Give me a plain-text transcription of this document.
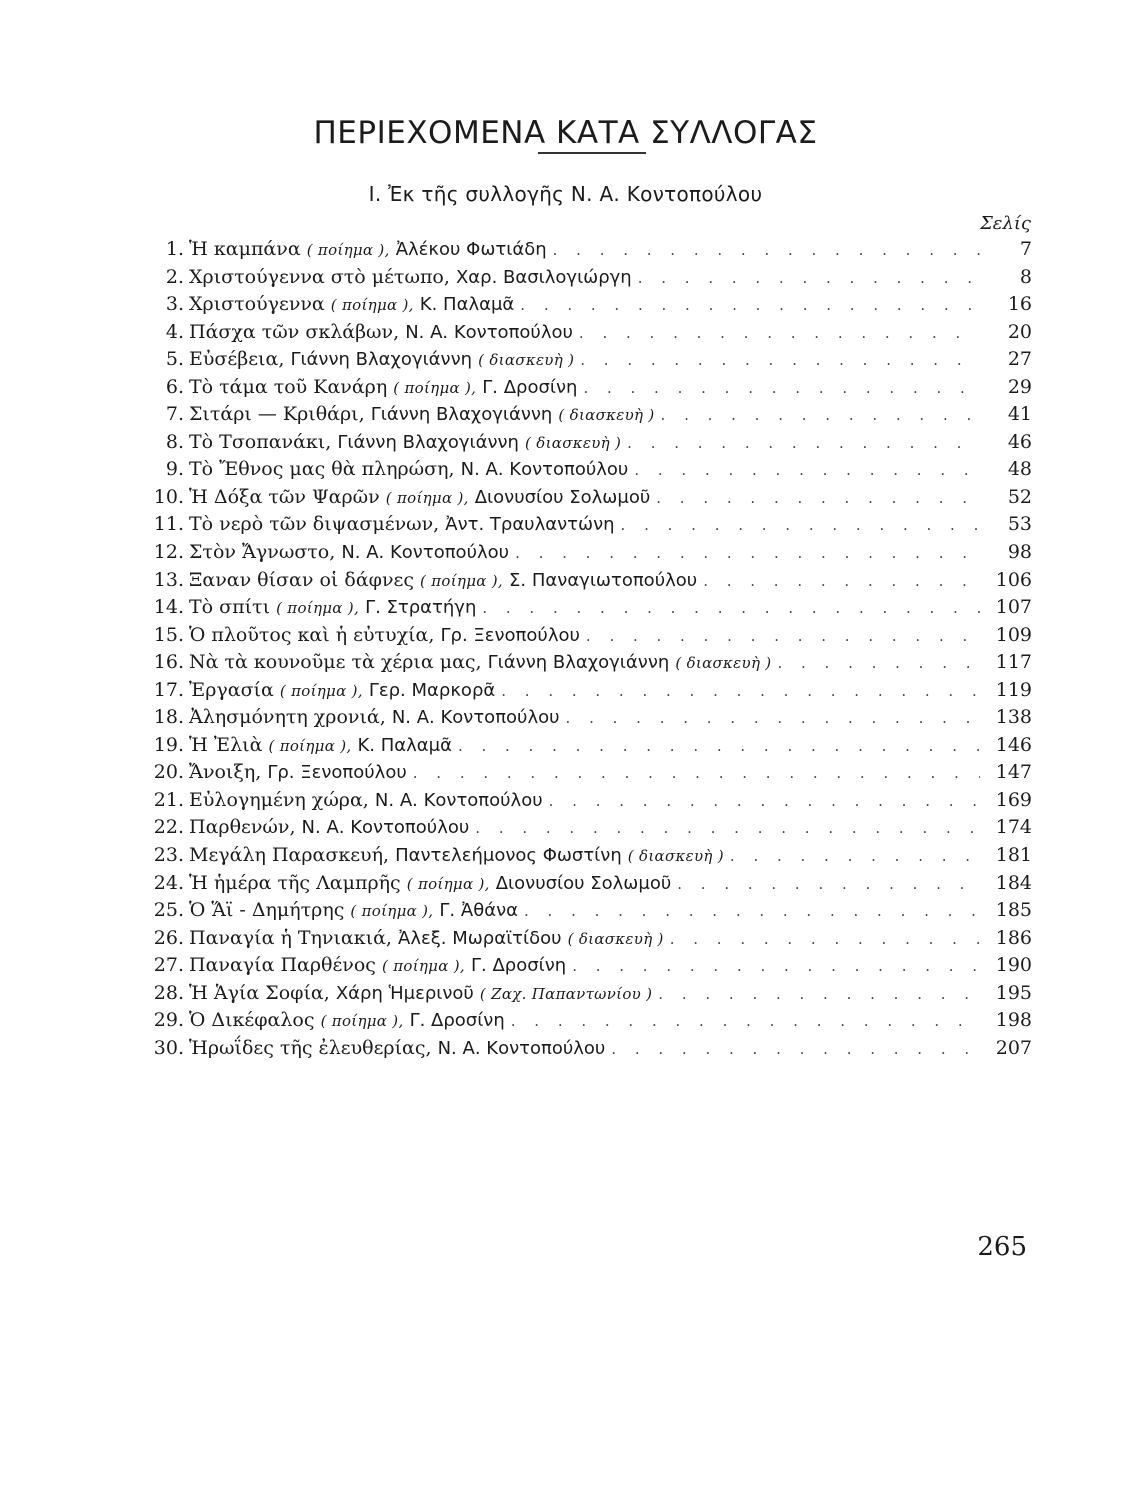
ΠΕΡΙΕΧΟΜΕΝΑ ΚΑΤΑ ΣΥΛΛΟΓΑΣ
Ι. Ἐκ τῆς συλλογῆς Ν. Α. Κοντοπούλου
Σελίς
1. Ἡ καμπάνα ( ποίημα ), Ἀλέκου Φωτιάδη . . .	7
2. Χριστούγεννα στὸ μέτωπο, Χαρ. Βασιλογιώργη . . .	8
3. Χριστούγεννα ( ποίημα ), Κ. Παλαμᾶ . . .	16
4. Πάσχα τῶν σκλάβων, Ν. Α. Κοντοπούλου . . .	20
5. Εὐσέβεια, Γιάννη Βλαχογιάννη ( διασκευὴ ) . . .	27
6. Τὸ τάμα τοῦ Κανάρη ( ποίημα ), Γ. Δροσίνη . . .	29
7. Σιτάρι — Κριθάρι, Γιάννη Βλαχογιάννη ( διασκευὴ ) . . .	41
8. Τὸ Τσοπανάκι, Γιάννη Βλαχογιάννη ( διασκευὴ ) . . .	46
9. Τὸ Ἔθνος μας θὰ πληρώση, Ν. Α. Κοντοπούλου . . .	48
10. Ἡ Δόξα τῶν Ψαρῶν ( ποίημα ), Διονυσίου Σολωμοῦ . . .	52
11. Τὸ νερὸ τῶν διψασμένων, Ἀντ. Τραυλαντώνη . . .	53
12. Στὸν Ἄγνωστο, Ν. Α. Κοντοπούλου . . .	98
13. Ξαναν θίσαν οἱ δάφνες ( ποίημα ), Σ. Παναγιωτοπούλου . . .	106
14. Τὸ σπίτι ( ποίημα ), Γ. Στρατήγη . . .	107
15. Ὁ πλοῦτος καὶ ἡ εὐτυχία, Γρ. Ξενοπούλου . . .	109
16. Νὰ τὰ κουνοῦμε τὰ χέρια μας, Γιάννη Βλαχογιάννη ( διασκευὴ ) . . .	117
17. Ἐργασία ( ποίημα ), Γερ. Μαρκορᾶ . . .	119
18. Ἀλησμόνητη χρονιά, Ν. Α. Κοντοπούλου . . .	138
19. Ἡ Ἐλιὰ ( ποίημα ), Κ. Παλαμᾶ . . .	146
20. Ἄνοιξη, Γρ. Ξενοπούλου . . .	147
21. Εὐλογημένη χώρα, Ν. Α. Κοντοπούλου . . .	169
22. Παρθενών, Ν. Α. Κοντοπούλου . . .	174
23. Μεγάλη Παρασκευή, Παντελεήμονος Φωστίνη ( διασκευὴ ) . . .	181
24. Ἡ ἡμέρα τῆς Λαμπρῆς ( ποίημα ), Διονυσίου Σολωμοῦ . . .	184
25. Ὁ Ἅϊ - Δημήτρης ( ποίημα ), Γ. Ἀθάνα . . .	185
26. Παναγία ἡ Τηνιακιά, Ἀλεξ. Μωραϊτίδου ( διασκευὴ ) . . .	186
27. Παναγία Παρθένος ( ποίημα ), Γ. Δροσίνη . . .	190
28. Ἡ Ἁγία Σοφία, Χάρη Ἡμερινοῦ ( Ζαχ. Παπαντωνίου ) . . .	195
29. Ὁ Δικέφαλος ( ποίημα ), Γ. Δροσίνη . . .	198
30. Ἡρωΐδες τῆς ἐλευθερίας, Ν. Α. Κοντοπούλου . . .	207
265
